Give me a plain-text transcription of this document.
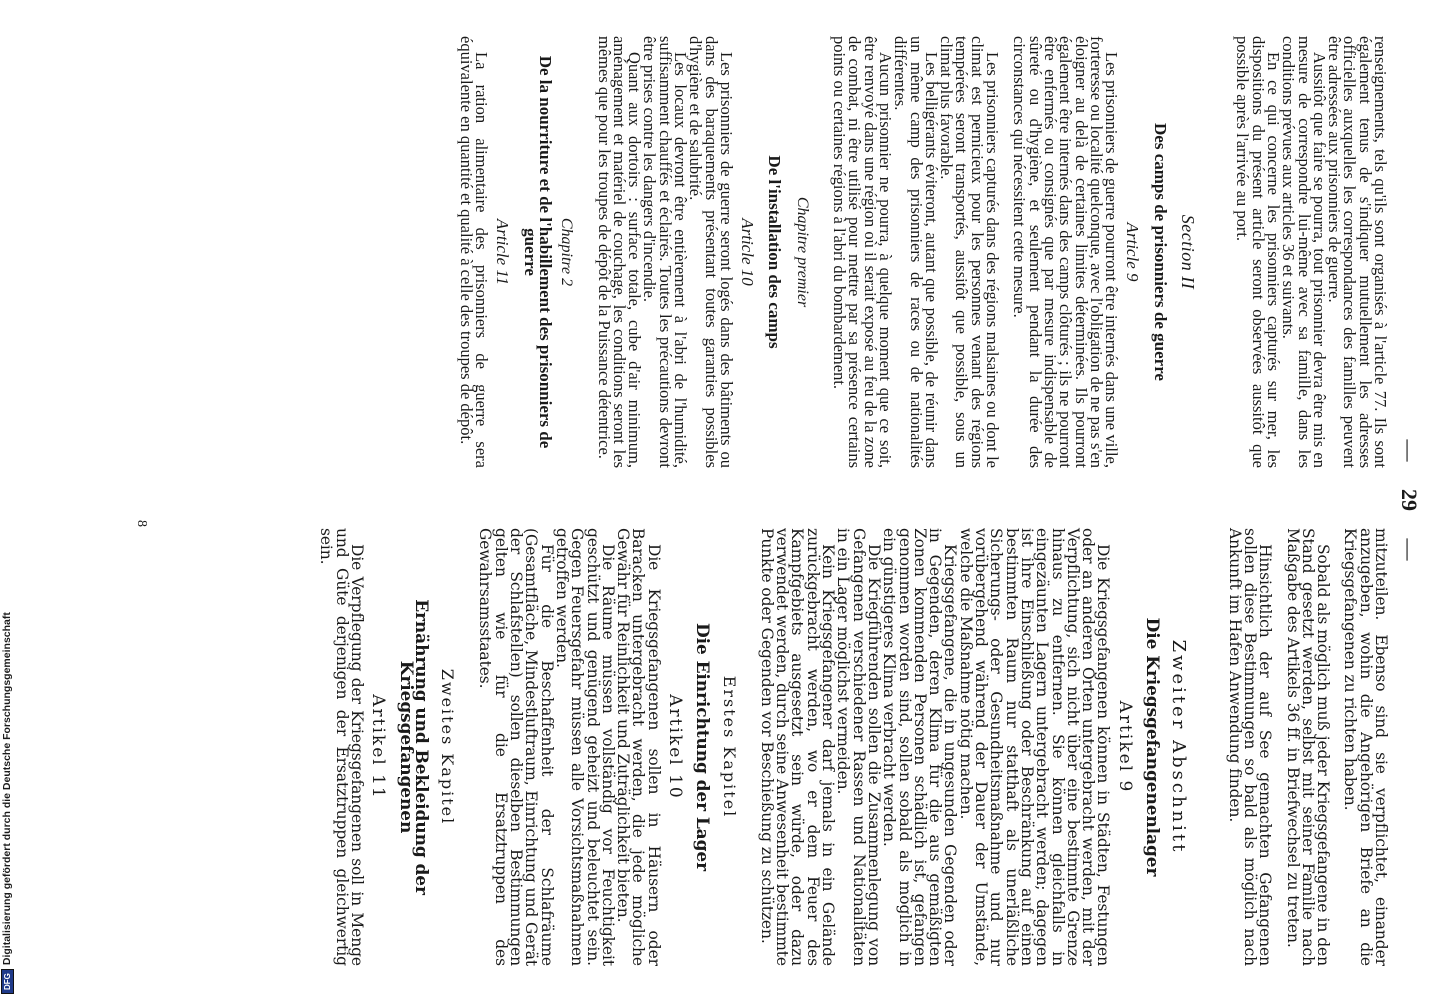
— 29 —

renseignements, tels qu'ils sont organisés à l'article 77. Ils sont également tenus de s'indiquer mutuellement les adresses officielles auxquelles les correspondances des familles peuvent être adressées aux prisonniers de guerre.

Aussitôt que faire se pourra, tout prisonnier devra être mis en mesure de correspondre lui-même avec sa famille, dans les conditions prévues aux articles 36 et suivants.

En ce qui concerne les prisonniers capturés sur mer, les dispositions du présent article seront observées aussitôt que possible après l'arrivée au port.

Section II

Des camps de prisonniers de guerre

Article 9

Les prisonniers de guerre pourront être internés dans une ville, forteresse ou localité quelconque, avec l'obligation de ne pas s'en éloigner au delà de certaines limites déterminées. Ils pourront également être internés dans des camps clôturés ; ils ne pourront être enfermés ou consignés que par mesure indispensable de sûreté ou d'hygiène, et seulement pendant la durée des circonstances qui nécessitent cette mesure.

Les prisonniers capturés dans des régions malsaines ou dont le climat est pernicieux pour les personnes venant des régions tempérées seront transportés, aussitôt que possible, sous un climat plus favorable.

Les belligérants éviteront, autant que possible, de réunir dans un même camp des prisonniers de races ou de nationalités différentes.

Aucun prisonnier ne pourra, à quelque moment que ce soit, être renvoyé dans une région où il serait exposé au feu de la zone de combat, ni être utilisé pour mettre par sa présence certains points ou certaines régions à l'abri du bombardement.

Chapitre premier

De l'installation des camps

Article 10

Les prisonniers de guerre seront logés dans des bâtiments ou dans des baraquements présentant toutes garanties possibles d'hygiène et de salubrité.

Les locaux devront être entièrement à l'abri de l'humidité, suffisamment chauffés et éclairés. Toutes les précautions devront être prises contre les dangers d'incendie.

Quant aux dortoirs : surface totale, cube d'air minimum, aménagement et matériel de couchage, les conditions seront les mêmes que pour les troupes de dépôt de la Puissance détentrice.

Chapitre 2

De la nourriture et de l'habillement des prisonniers de guerre

Article 11

La ration alimentaire des prisonniers de guerre sera équivalente en quantité et qualité à celle des troupes de dépôt.

mitzuteilen. Ebenso sind sie verpflichtet, einander anzugeben, wohin die Angehörigen Briefe an die Kriegsgefangenen zu richten haben.

Sobald als möglich muß jeder Kriegsgefangene in den Stand gesetzt werden, selbst mit seiner Familie nach Maßgabe des Artikels 36 ff. in Briefwechsel zu treten.

Hinsichtlich der auf See gemachten Gefangenen sollen diese Bestimmungen so bald als möglich nach Ankunft im Hafen Anwendung finden.

Zweiter Abschnitt

Die Kriegsgefangenenlager

Artikel 9

Die Kriegsgefangenen können in Städten, Festungen oder an anderen Orten untergebracht werden, mit der Verpflichtung, sich nicht über eine bestimmte Grenze hinaus zu entfernen. Sie können gleichfalls in eingezäunten Lagern untergebracht werden; dagegen ist ihre Einschließung oder Beschränkung auf einen bestimmten Raum nur statthaft als unerläßliche Sicherungs- oder Gesundheitsmaßnahme und nur vorübergehend während der Dauer der Umstände, welche die Maßnahme nötig machen.

Kriegsgefangene, die in ungesunden Gegenden oder in Gegenden, deren Klima für die aus gemäßigten Zonen kommenden Personen schädlich ist, gefangen genommen worden sind, sollen sobald als möglich in ein günstigeres Klima verbracht werden.

Die Kriegführenden sollen die Zusammenlegung von Gefangenen verschiedener Rassen und Nationalitäten in ein Lager möglichst vermeiden.

Kein Kriegsgefangener darf jemals in ein Gelände zurückgebracht werden, wo er dem Feuer des Kampfgebiets ausgesetzt sein würde, oder dazu verwendet werden, durch seine Anwesenheit bestimmte Punkte oder Gegenden vor Beschießung zu schützen.

Erstes Kapitel

Die Einrichtung der Lager

Artikel 10

Die Kriegsgefangenen sollen in Häusern oder Baracken untergebracht werden, die jede mögliche Gewähr für Reinlichkeit und Zuträglichkeit bieten.

Die Räume müssen vollständig vor Feuchtigkeit geschützt und genügend geheizt und beleuchtet sein. Gegen Feuersgefahr müssen alle Vorsichtsmaßnahmen getroffen werden.

Für die Beschaffenheit der Schlafräume (Gesamtfläche, Mindestluftraum, Einrichtung und Gerät der Schlafstellen) sollen dieselben Bestimmungen gelten wie für die Ersatztruppen des Gewahrsamsstaates.

Zweites Kapitel

Ernährung und Bekleidung der Kriegsgefangenen

Artikel 11

Die Verpflegung der Kriegsgefangenen soll in Menge und Güte derjenigen der Ersatztruppen gleichwertig sein.

8
DFG
Digitalisierung gefördert durch die Deutsche Forschungsgemeinschaft
